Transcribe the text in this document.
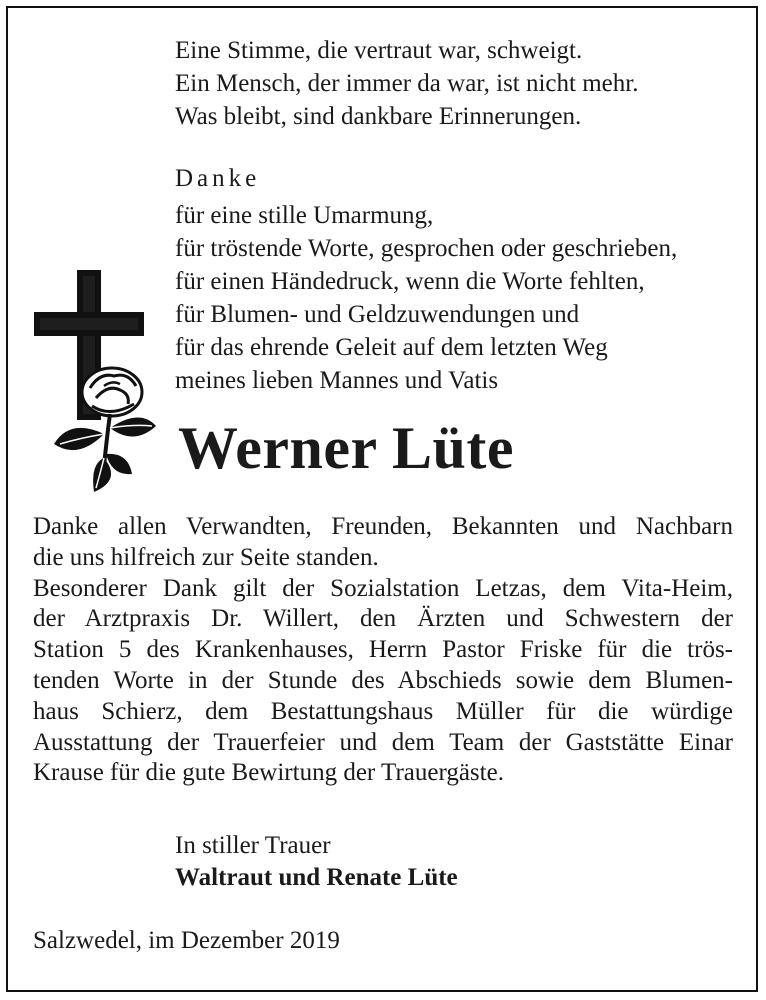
Eine Stimme, die vertraut war, schweigt.
Ein Mensch, der immer da war, ist nicht mehr.
Was bleibt, sind dankbare Erinnerungen.
Danke
für eine stille Umarmung,
für tröstende Worte, gesprochen oder geschrieben,
für einen Händedruck, wenn die Worte fehlten,
für Blumen- und Geldzuwendungen und
für das ehrende Geleit auf dem letzten Weg
meines lieben Mannes und Vatis
Werner Lüte
Danke allen Verwandten, Freunden, Bekannten und Nachbarn
die uns hilfreich zur Seite standen.
Besonderer Dank gilt der Sozialstation Letzas, dem Vita-Heim,
der Arztpraxis Dr. Willert, den Ärzten und Schwestern der
Station 5 des Krankenhauses, Herrn Pastor Friske für die trös-
tenden Worte in der Stunde des Abschieds sowie dem Blumen-
haus Schierz, dem Bestattungshaus Müller für die würdige
Ausstattung der Trauerfeier und dem Team der Gaststätte Einar
Krause für die gute Bewirtung der Trauergäste.
In stiller Trauer
Waltraut und Renate Lüte
Salzwedel, im Dezember 2019
